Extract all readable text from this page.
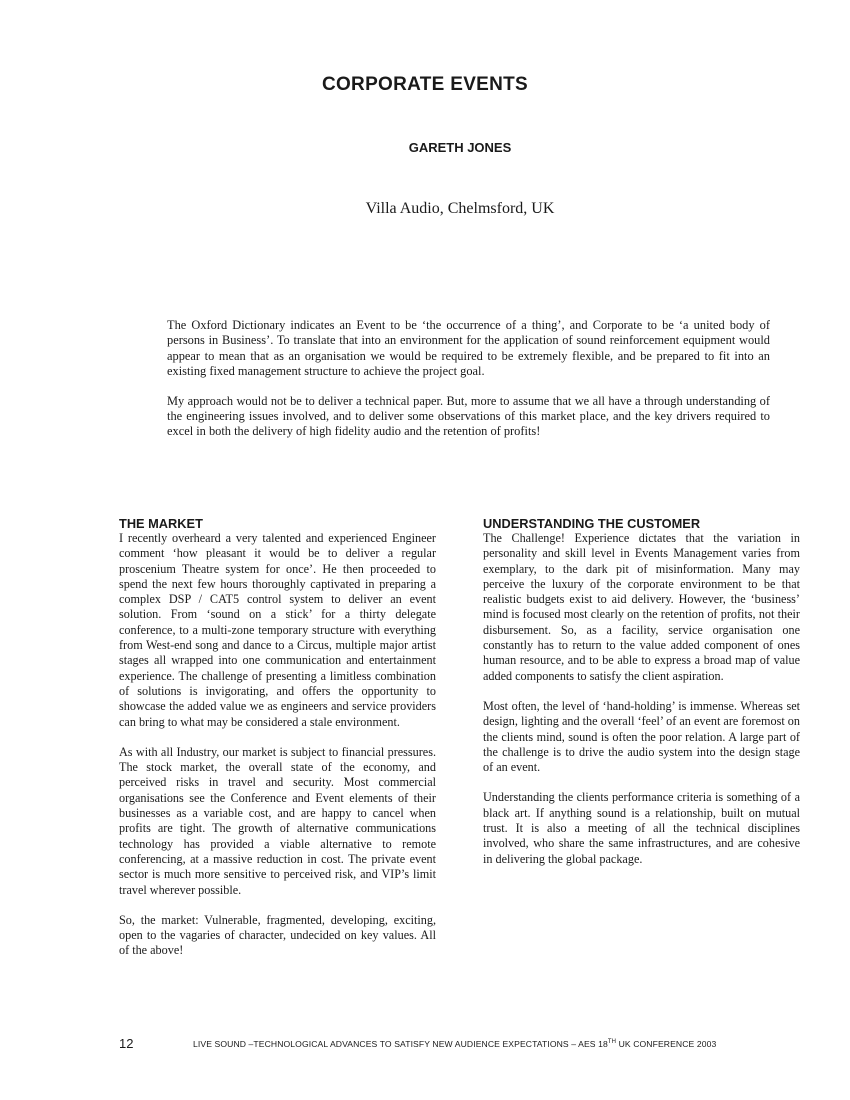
CORPORATE EVENTS
GARETH JONES
Villa Audio, Chelmsford, UK

The Oxford Dictionary indicates an Event to be ‘the occurrence of a thing’, and Corporate to be ‘a united body of persons in Business’. To translate that into an environment for the application of sound reinforcement equipment would appear to mean that as an organisation we would be required to be extremely flexible, and be prepared to fit into an existing fixed management structure to achieve the project goal.

My approach would not be to deliver a technical paper. But, more to assume that we all have a through understanding of the engineering issues involved, and to deliver some observations of this market place, and the key drivers required to excel in both the delivery of high fidelity audio and the retention of profits!

THE MARKET

I recently overheard a very talented and experienced Engineer comment ‘how pleasant it would be to deliver a regular proscenium Theatre system for once’. He then proceeded to spend the next few hours thoroughly captivated in preparing a complex DSP / CAT5 control system to deliver an event solution. From ‘sound on a stick’ for a thirty delegate conference, to a multi-zone temporary structure with everything from West-end song and dance to a Circus, multiple major artist stages all wrapped into one communication and entertainment experience. The challenge of presenting a limitless combination of solutions is invigorating, and offers the opportunity to showcase the added value we as engineers and service providers can bring to what may be considered a stale environment.

As with all Industry, our market is subject to financial pressures. The stock market, the overall state of the economy, and perceived risks in travel and security. Most commercial organisations see the Conference and Event elements of their businesses as a variable cost, and are happy to cancel when profits are tight. The growth of alternative communications technology has provided a viable alternative to remote conferencing, at a massive reduction in cost. The private event sector is much more sensitive to perceived risk, and VIP’s limit travel wherever possible.

So, the market: Vulnerable, fragmented, developing, exciting, open to the vagaries of character, undecided on key values. All of the above!

UNDERSTANDING THE CUSTOMER

The Challenge! Experience dictates that the variation in personality and skill level in Events Management varies from exemplary, to the dark pit of misinformation. Many may perceive the luxury of the corporate environment to be that realistic budgets exist to aid delivery. However, the ‘business’ mind is focused most clearly on the retention of profits, not their disbursement. So, as a facility, service organisation one constantly has to return to the value added component of ones human resource, and to be able to express a broad map of value added components to satisfy the client aspiration.

Most often, the level of ‘hand-holding’ is immense. Whereas set design, lighting and the overall ‘feel’ of an event are foremost on the clients mind, sound is often the poor relation. A large part of the challenge is to drive the audio system into the design stage of an event.

Understanding the clients performance criteria is something of a black art. If anything sound is a relationship, built on mutual trust. It is also a meeting of all the technical disciplines involved, who share the same infrastructures, and are cohesive in delivering the global package.

12	LIVE SOUND –TECHNOLOGICAL ADVANCES TO SATISFY NEW AUDIENCE EXPECTATIONS – AES 18TH UK CONFERENCE 2003
